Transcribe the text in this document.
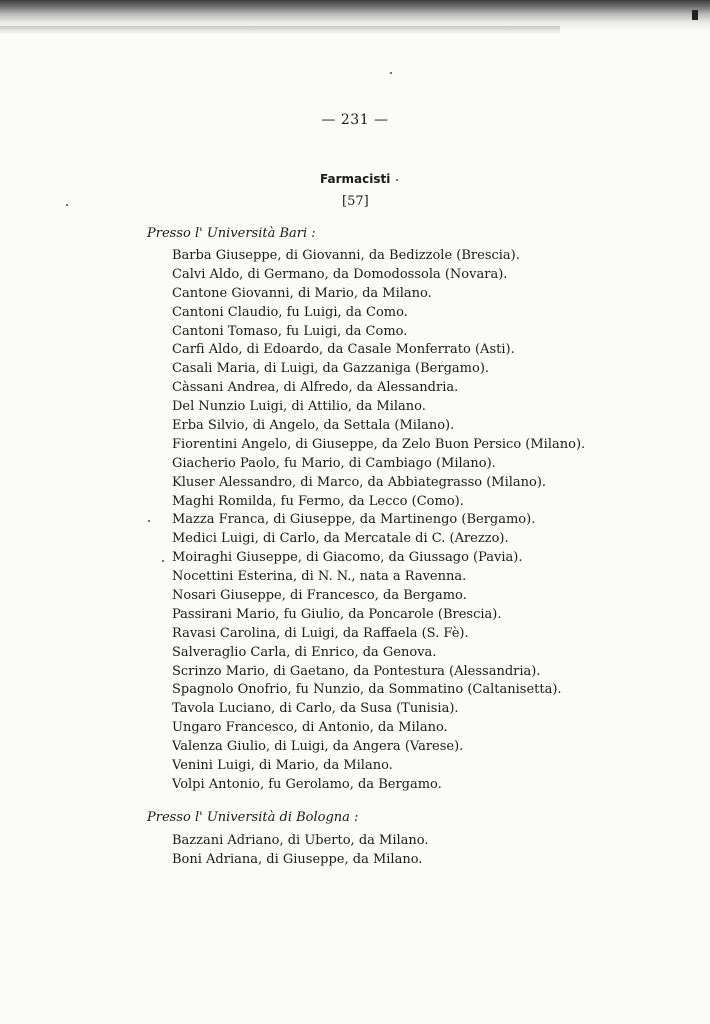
— 231 —
Farmacisti
[57]
Presso l' Università Bari :
Barba Giuseppe, di Giovanni, da Bedizzole (Brescia).
Calvi Aldo, di Germano, da Domodossola (Novara).
Cantone Giovanni, di Mario, da Milano.
Cantoni Claudio, fu Luigi, da Como.
Cantoni Tomaso, fu Luigi, da Como.
Carfi Aldo, di Edoardo, da Casale Monferrato (Asti).
Casali Maria, di Luigi, da Gazzaniga (Bergamo).
Càssani Andrea, di Alfredo, da Alessandria.
Del Nunzio Luigi, di Attilio, da Milano.
Erba Silvio, di Angelo, da Settala (Milano).
Fiorentini Angelo, di Giuseppe, da Zelo Buon Persico (Milano).
Giacherio Paolo, fu Mario, di Cambiago (Milano).
Kluser Alessandro, di Marco, da Abbiategrasso (Milano).
Maghi Romilda, fu Fermo, da Lecco (Como).
Mazza Franca, di Giuseppe, da Martinengo (Bergamo).
Medici Luigi, di Carlo, da Mercatale di C. (Arezzo).
Moiraghi Giuseppe, di Giacomo, da Giussago (Pavia).
Nocettini Esterina, di N. N., nata a Ravenna.
Nosari Giuseppe, di Francesco, da Bergamo.
Passirani Mario, fu Giulio, da Poncarole (Brescia).
Ravasi Carolina, di Luigi, da Raffaela (S. Fè).
Salveraglio Carla, di Enrico, da Genova.
Scrinzo Mario, di Gaetano, da Pontestura (Alessandria).
Spagnolo Onofrio, fu Nunzio, da Sommatino (Caltanisetta).
Tavola Luciano, di Carlo, da Susa (Tunisia).
Ungaro Francesco, di Antonio, da Milano.
Valenza Giulio, di Luigi, da Angera (Varese).
Venini Luigi, di Mario, da Milano.
Volpi Antonio, fu Gerolamo, da Bergamo.
Presso l' Università di Bologna :
Bazzani Adriano, di Uberto, da Milano.
Boni Adriana, di Giuseppe, da Milano.
